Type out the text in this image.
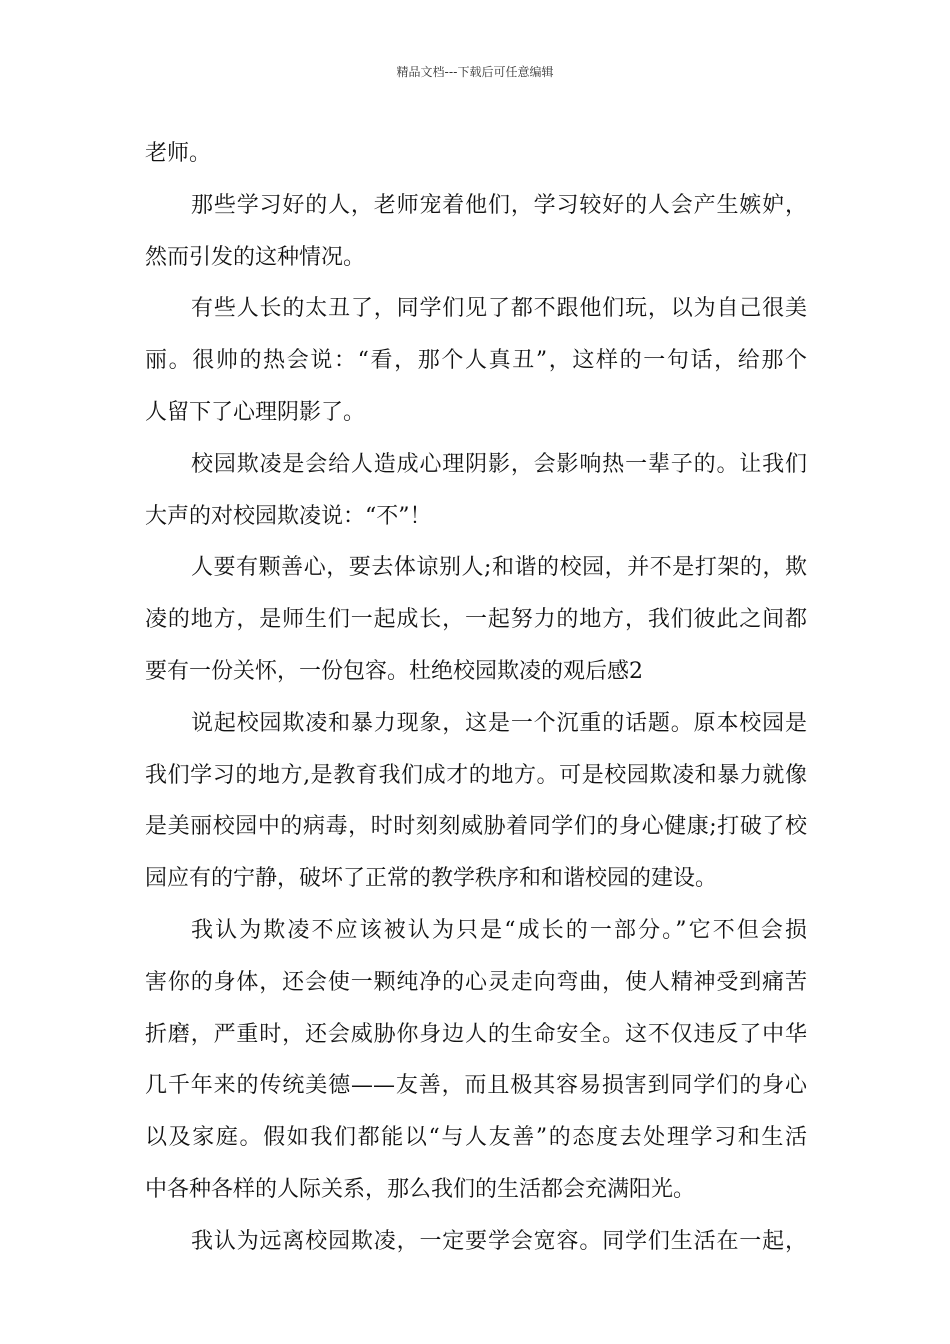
精品文档---下载后可任意编辑
老师。
那些学习好的人，老师宠着他们，学习较好的人会产生嫉妒，
然而引发的这种情况。
有些人长的太丑了，同学们见了都不跟他们玩，以为自己很美
丽。很帅的热会说：“看，那个人真丑”，这样的一句话，给那个
人留下了心理阴影了。
校园欺凌是会给人造成心理阴影，会影响热一辈子的。让我们
大声的对校园欺凌说：“不”！
人要有颗善心，要去体谅别人;和谐的校园，并不是打架的，欺
凌的地方，是师生们一起成长，一起努力的地方，我们彼此之间都
要有一份关怀，一份包容。杜绝校园欺凌的观后感2
说起校园欺凌和暴力现象，这是一个沉重的话题。原本校园是
我们学习的地方,是教育我们成才的地方。可是校园欺凌和暴力就像
是美丽校园中的病毒，时时刻刻威胁着同学们的身心健康;打破了校
园应有的宁静，破坏了正常的教学秩序和和谐校园的建设。
我认为欺凌不应该被认为只是“成长的一部分。”它不但会损
害你的身体，还会使一颗纯净的心灵走向弯曲，使人精神受到痛苦
折磨，严重时，还会威胁你身边人的生命安全。这不仅违反了中华
几千年来的传统美德——友善，而且极其容易损害到同学们的身心
以及家庭。假如我们都能以“与人友善”的态度去处理学习和生活
中各种各样的人际关系，那么我们的生活都会充满阳光。
我认为远离校园欺凌，一定要学会宽容。同学们生活在一起，
